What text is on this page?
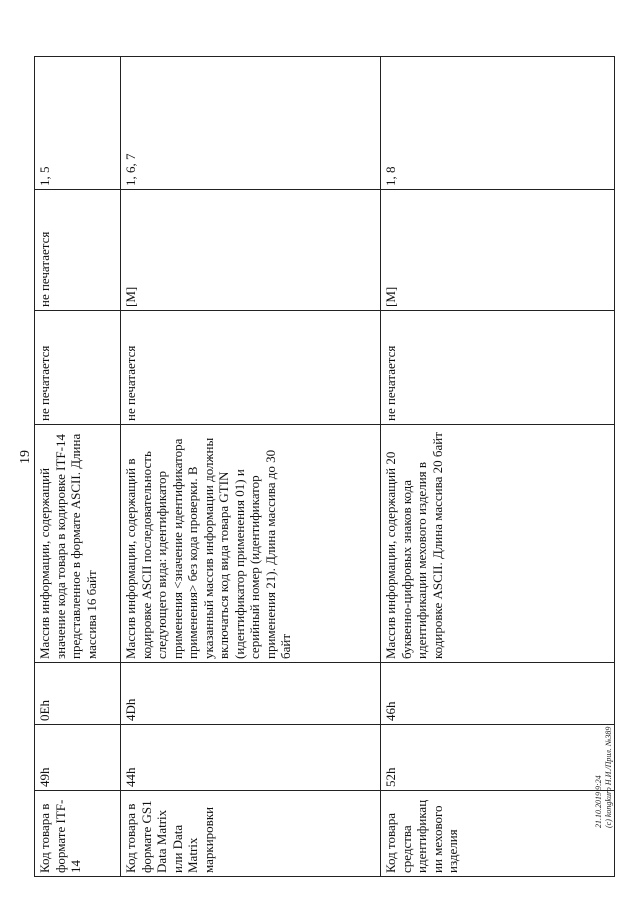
19
21.10.2019 9:24 (c) kongkuro Н.И./Прил. №389
Код товара в формате ITF-14	49h	0Eh	Массив информации, содержащий значение кода товара в кодировке ITF-14 представленное в формате ASCII. Длина массива 16 байт	не печатается	не печатается	1, 5
Код товара в формате GS1 Data Matrix или Data Matrix маркировки	44h	4Dh	Массив информации, содержащий в кодировке ASCII последовательность следующего вида: идентификатор применения <значение идентификатора применения> без кода проверки. В указанный массив информации должны включаться код вида товара GTIN (идентификатор применения 01) и серийный номер (идентификатор применения 21). Длина массива до 30 байт	не печатается	[М]	1, 6, 7
Код товара средства идентификации мехового изделия	52h	46h	Массив информации, содержащий 20 буквенно-цифровых знаков кода идентификации мехового изделия в кодировке ASCII. Длина массива 20 байт	не печатается	[М]	1, 8
